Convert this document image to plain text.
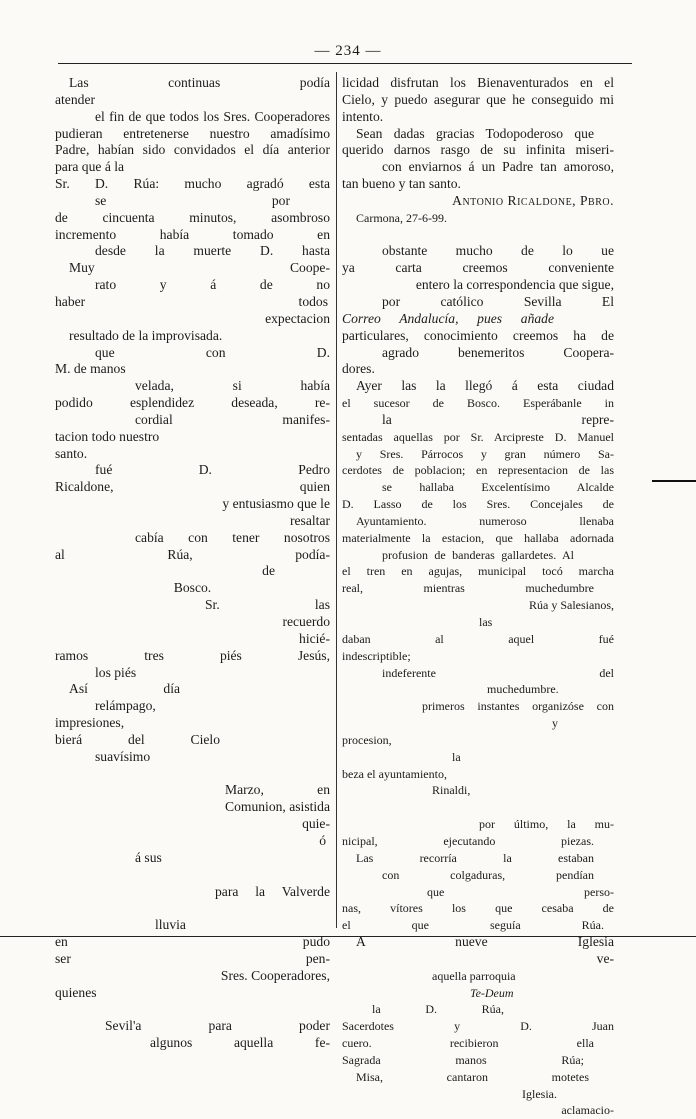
— 234 —
Las continuas podía
atender
el fin de que todos los Sres. Cooperadores
pudieran entretenerse nuestro amadísimo
Padre, habían sido convidados el día anterior
para que á la
Sr. D. Rúa: mucho agradó esta
se por
de cincuenta minutos, asombroso
incremento había tomado en
desde la muerte D. hasta
Muy Coope-
rato y á de no
haber todos
expectacion
resultado de la improvisada.
que con D.
M. de manos
velada, si había
podido esplendidez deseada, re-
cordial manifes-
tacion todo nuestro
santo.
fué D. Pedro
Ricaldone, quien
y entusiasmo que le
resaltar
cabía con tener nosotros
al Rúa, podía-
de
Bosco.
Sr. las
recuerdo
hicié-
ramos tres piés Jesús,
los piés
Así día
relámpago,
impresiones,
bierá del Cielo
suavísimo
Marzo, en
Comunion, asistida
quie-
ó
á sus
para la Valverde
lluvia
en pudo
ser pen-
Sres. Cooperadores,
quienes
Sevil'a para poder
algunos aquella fe-
licidad disfrutan los Bienaventurados en el
Cielo, y puedo asegurar que he conseguido mi
intento.
Sean dadas gracias Todopoderoso que
querido darnos rasgo de su infinita miseri-
con enviarnos á un Padre tan amoroso,
tan bueno y tan santo.
Antonio Ricaldone, Pbro.
Carmona, 27-6-99.
obstante mucho de lo ue
ya carta creemos conveniente
entero la correspondencia que sigue,
por católico Sevilla El
Correo Andalucía, pues añade
particulares, conocimiento creemos ha de
agrado benemeritos Coopera-
dores.
Ayer las la llegó á esta ciudad
el sucesor de Bosco. Esperábanle in
la repre-
sentadas aquellas por Sr. Arcipreste D. Manuel
y Sres. Párrocos y gran número Sa-
cerdotes de poblacion; en representacion de las
se hallaba Excelentísimo Alcalde
D. Lasso de los Sres. Concejales de
Ayuntamiento. numeroso llenaba
materialmente la estacion, que hallaba adornada
profusion de banderas gallardetes. Al
el tren en agujas, municipal tocó marcha
real, mientras muchedumbre
Rúa y Salesianos,
las
daban al aquel fué
indescriptible;
indeferente del
muchedumbre.
primeros instantes organizóse con
y
procesion,
la
beza el ayuntamiento,
Rinaldi,
por último, la mu-
nicipal, ejecutando piezas.
Las recorría la estaban
con colgaduras, pendían
que perso-
nas, vítores los que cesaba de
el que seguía Rúa.
A nueve Iglesia
ve-
aquella parroquia
Te-Deum
la D. Rúa,
Sacerdotes y D. Juan
cuero. recibieron ella
Sagrada manos Rúa;
Misa, cantaron motetes
Iglesia.
aclamacio-
